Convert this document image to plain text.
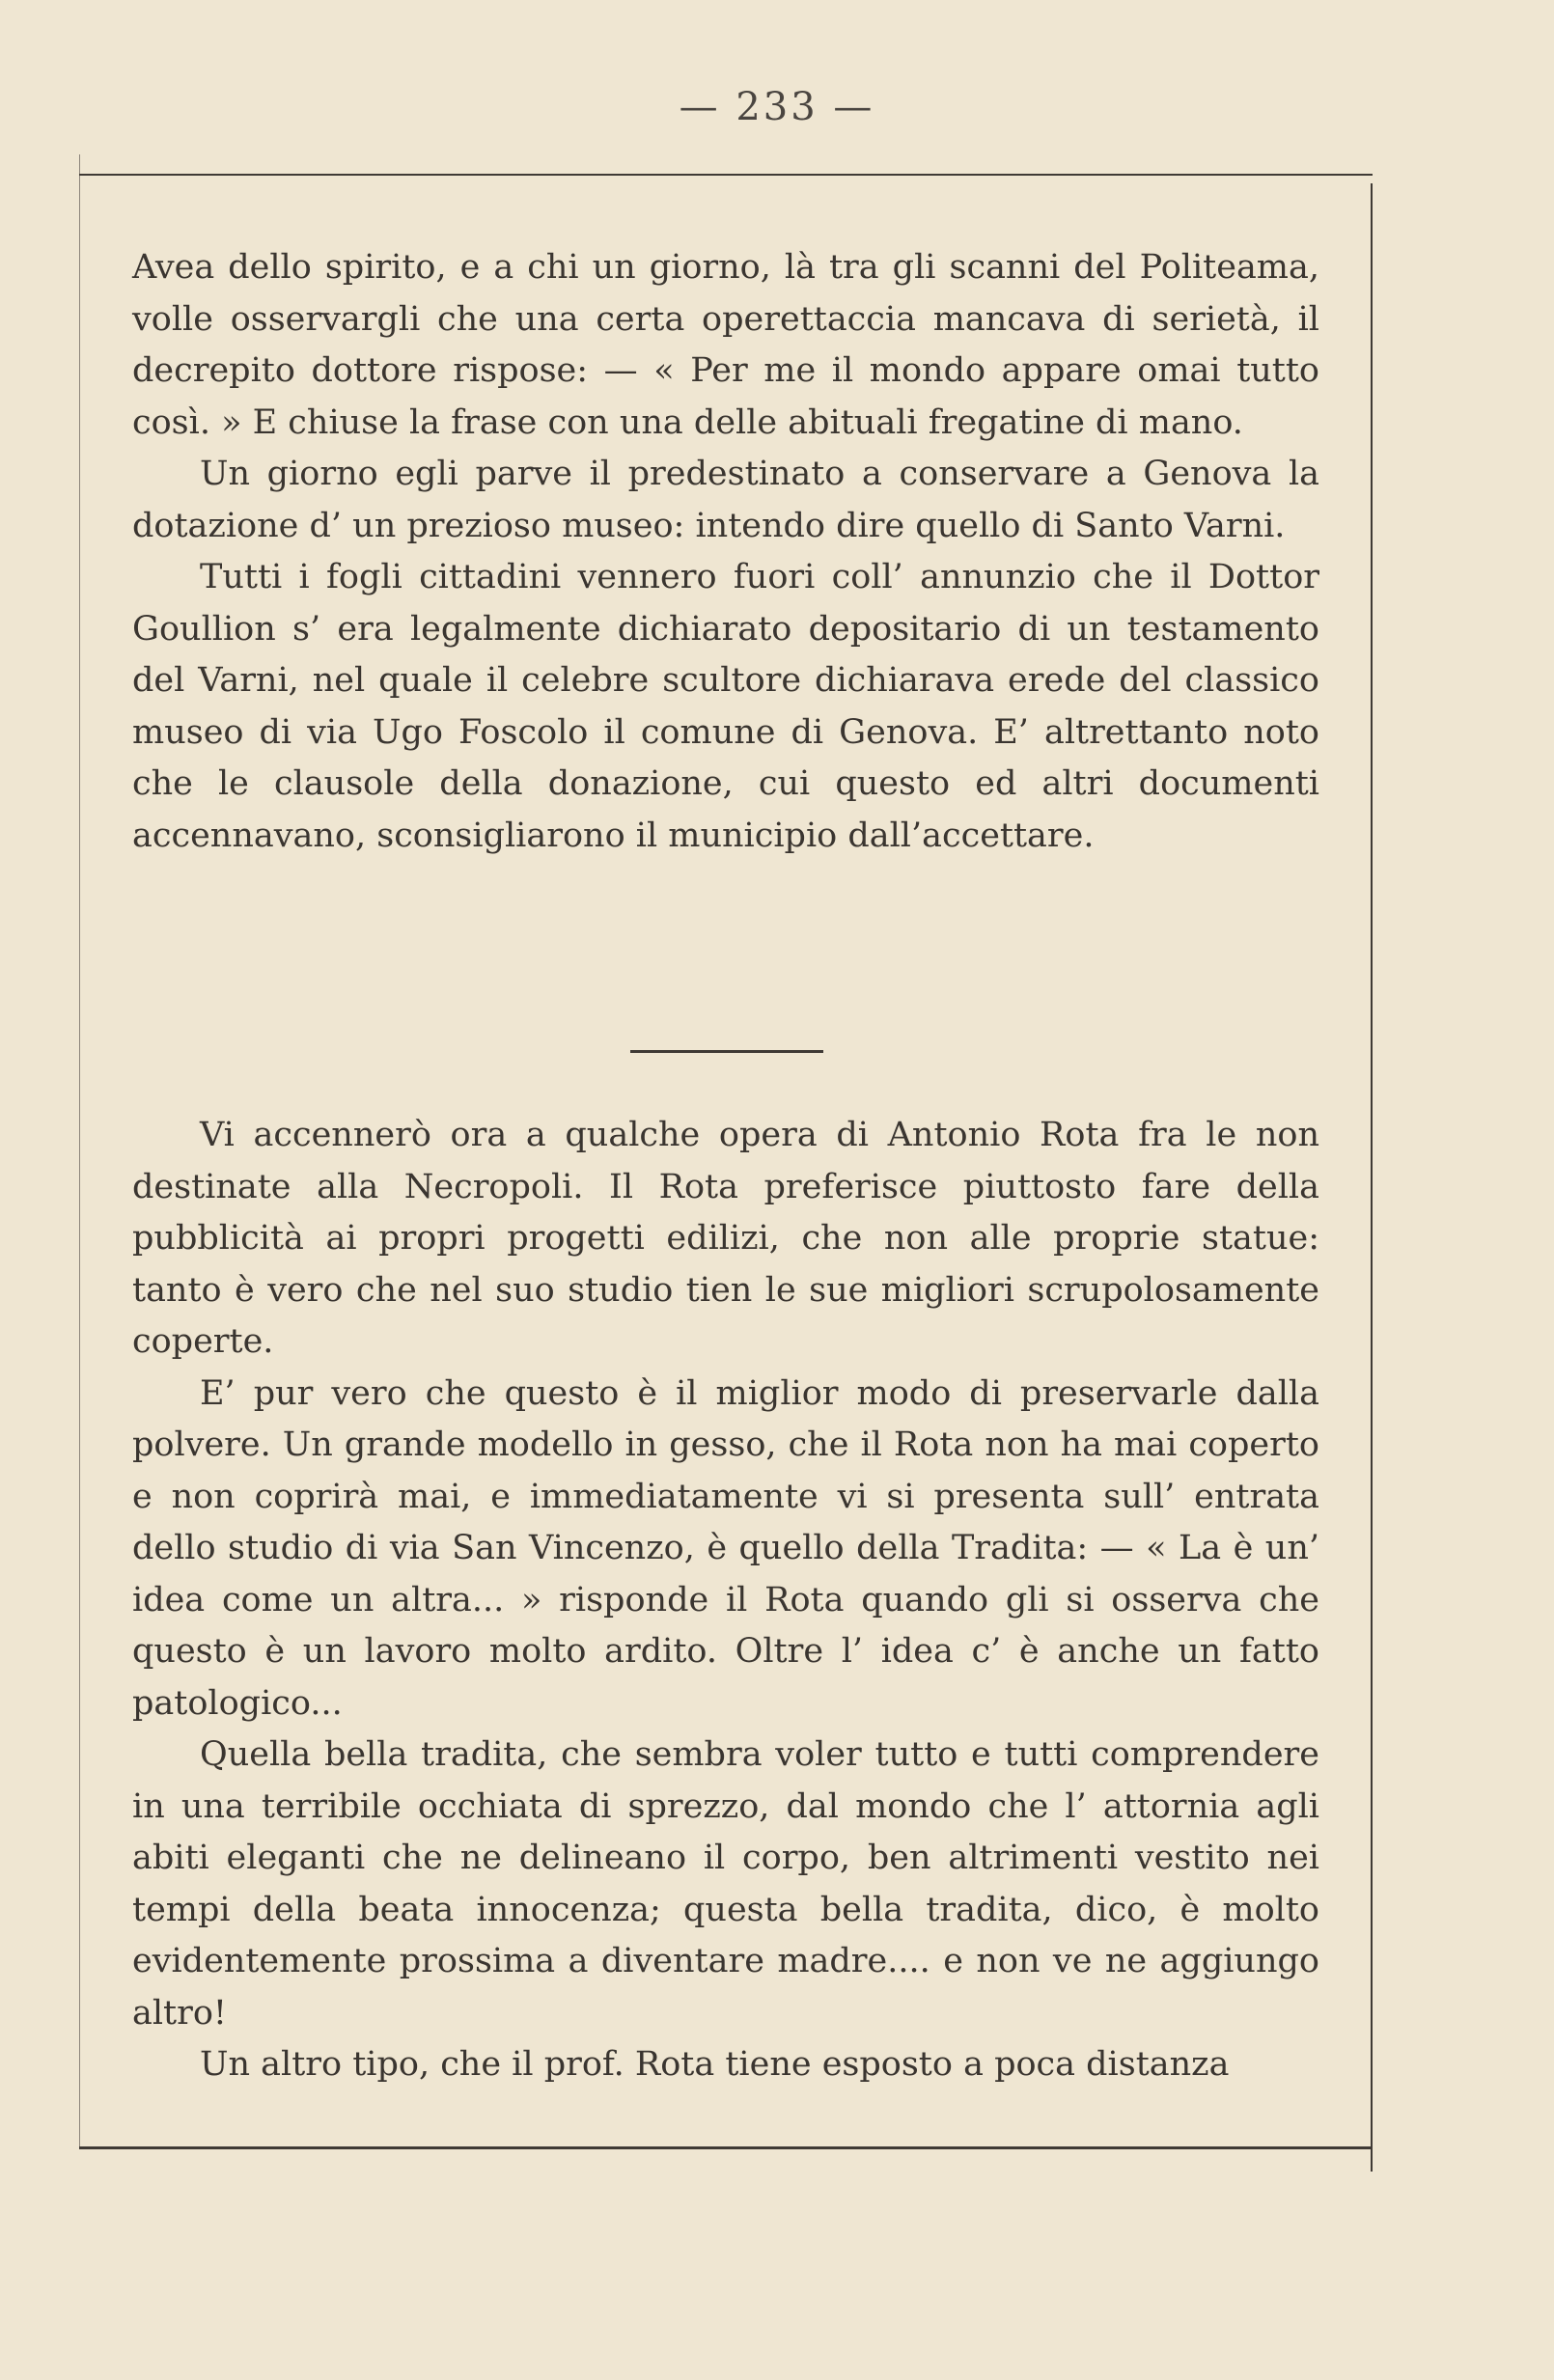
— 233 —

Avea dello spirito, e a chi un giorno, là tra gli scanni del Politeama, volle osservargli che una certa operettaccia mancava di serietà, il decrepito dottore rispose: — « Per me il mondo appare omai tutto così. » E chiuse la frase con una delle abituali fregatine di mano.

Un giorno egli parve il predestinato a conservare a Genova la dotazione d’ un prezioso museo: intendo dire quello di Santo Varni.

Tutti i fogli cittadini vennero fuori coll’ annunzio che il Dottor Goullion s’ era legalmente dichiarato depositario di un testamento del Varni, nel quale il celebre scultore dichiarava erede del classico museo di via Ugo Foscolo il comune di Genova. E’ altrettanto noto che le clausole della donazione, cui questo ed altri documenti accennavano, sconsigliarono il municipio dall’accettare.

Vi accennerò ora a qualche opera di Antonio Rota fra le non destinate alla Necropoli. Il Rota preferisce piuttosto fare della pubblicità ai propri progetti edilizi, che non alle proprie statue: tanto è vero che nel suo studio tien le sue migliori scrupolosamente coperte.

E’ pur vero che questo è il miglior modo di preservarle dalla polvere. Un grande modello in gesso, che il Rota non ha mai coperto e non coprirà mai, e immediatamente vi si presenta sull’ entrata dello studio di via San Vincenzo, è quello della Tradita: — « La è un’ idea come un altra... » risponde il Rota quando gli si osserva che questo è un lavoro molto ardito. Oltre l’ idea c’ è anche un fatto patologico...

Quella bella tradita, che sembra voler tutto e tutti comprendere in una terribile occhiata di sprezzo, dal mondo che l’ attornia agli abiti eleganti che ne delineano il corpo, ben altrimenti vestito nei tempi della beata innocenza; questa bella tradita, dico, è molto evidentemente prossima a diventare madre.... e non ve ne aggiungo altro!

Un altro tipo, che il prof. Rota tiene esposto a poca distanza
